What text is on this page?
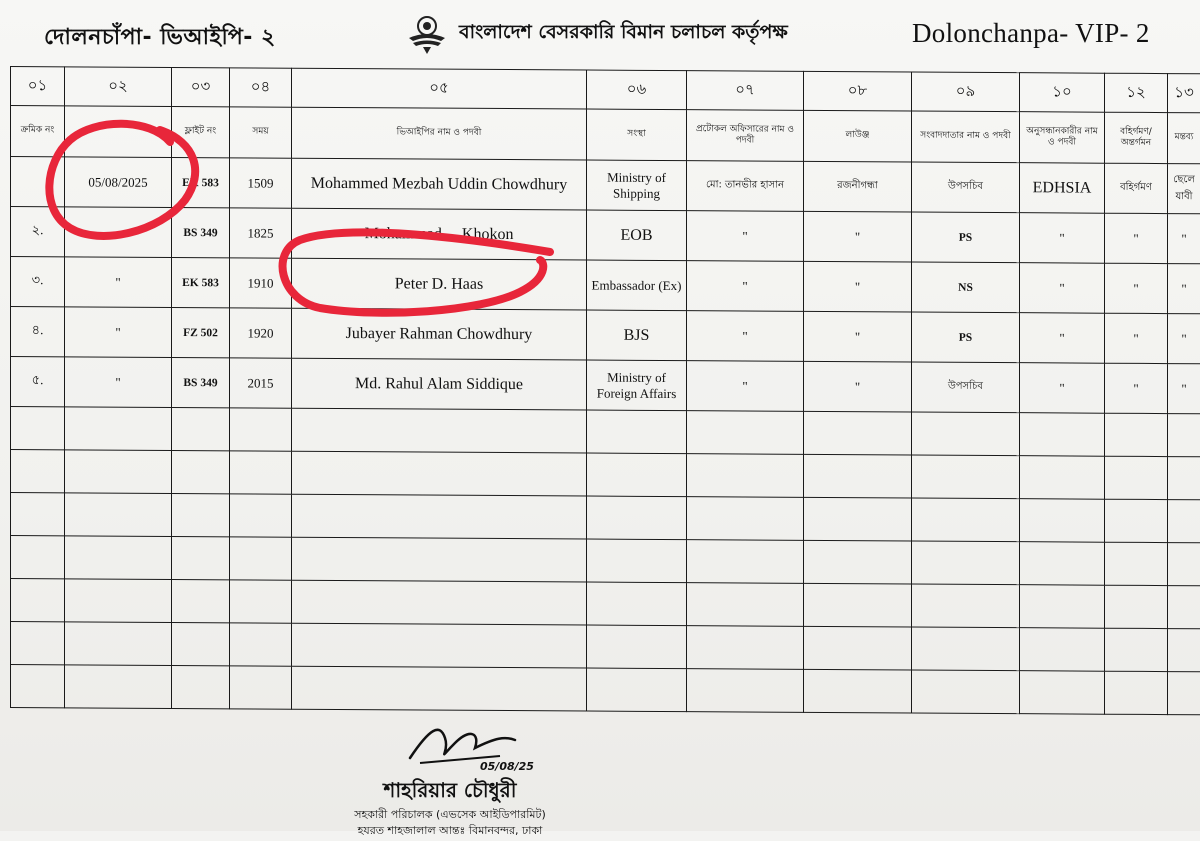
দোলনচাঁপা- ভিআইপি- ২	বাংলাদেশ বেসরকারি বিমান চলাচল কর্তৃপক্ষ	Dolonchanpa- VIP- 2
০১	০২	০৩	০৪	০৫	০৬	০৭	০৮	০৯	১০	১২	১৩
ক্রমিক নং		ফ্লাইট নং	সময়	ভিআইপির নাম ও পদবী	সংস্থা	প্রটোকল অফিসারের নাম ও পদবী	লাউঞ্জ	সংবাদদাতার নাম ও পদবী	অনুসন্ধানকারীর নাম ও পদবী	বহির্গমণ/ অন্তর্গমন	মন্তব্য
	05/08/2025	EK 583	1509	Mohammed Mezbah Uddin Chowdhury	Ministry of Shipping	মো: তানভীর হাসান	রজনীগন্ধা	উপসচিব	EDHSIA	বহির্গমণ	ছেলে যাবী
২.		BS 349	1825	Mohammad ... Khokon	EOB	"	"	PS	"	"	"
৩.	"	EK 583	1910	Peter D. Haas	Embassador (Ex)	"	"	NS	"	"	"
৪.	"	FZ 502	1920	Jubayer Rahman Chowdhury	BJS	"	"	PS	"	"	"
৫.	"	BS 349	2015	Md. Rahul Alam Siddique	Ministry of Foreign Affairs	"	"	উপসচিব	"	"	"

05/08/25
শাহরিয়ার চৌধুরী
সহকারী পরিচালক (এভসেক আইডিপারমিট)
হযরত শাহজালাল আন্তঃ বিমানবন্দর, ঢাকা
